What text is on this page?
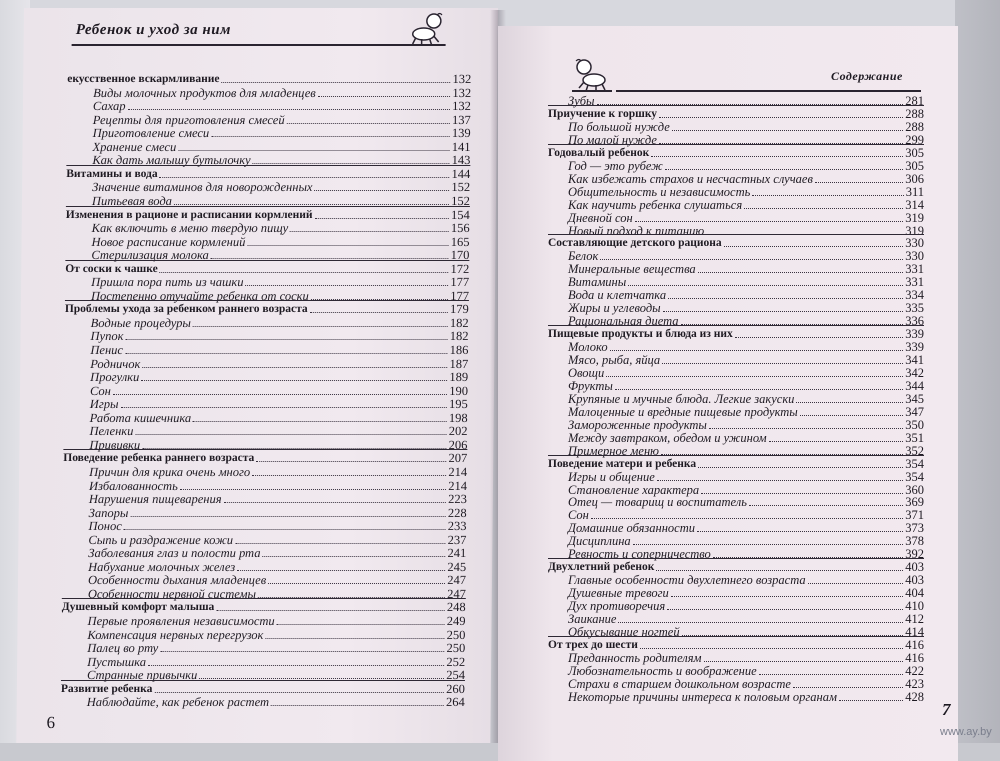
Ребенок и уход за ним
екусственное вскармливание	132
Виды молочных продуктов для младенцев	132
Сахар	132
Рецепты для приготовления смесей	137
Приготовление смеси	139
Хранение смеси	141
Как дать малышу бутылочку	143
Витамины и вода	144
Значение витаминов для новорожденных	152
Питьевая вода	152
Изменения в рационе и расписании кормлений	154
Как включить в меню твердую пищу	156
Новое расписание кормлений	165
Стерилизация молока	170
От соски к чашке	172
Пришла пора пить из чашки	177
Постепенно отучайте ребенка от соски	177
Проблемы ухода за ребенком раннего возраста	179
Водные процедуры	182
Пупок	182
Пенис	186
Родничок	187
Прогулки	189
Сон	190
Игры	195
Работа кишечника	198
Пеленки	202
Прививки	206
Поведение ребенка раннего возраста	207
Причин для крика очень много	214
Избалованность	214
Нарушения пищеварения	223
Запоры	228
Понос	233
Сыпь и раздражение кожи	237
Заболевания глаз и полости рта	241
Набухание молочных желез	245
Особенности дыхания младенцев	247
Особенности нервной системы	247
Душевный комфорт малыша	248
Первые проявления независимости	249
Компенсация нервных перегрузок	250
Палец во рту	250
Пустышка	252
Странные привычки	254
Развитие ребенка	260
Наблюдайте, как ребенок растет	264
6
Содержание
Зубы	281
Приучение к горшку	288
По большой нужде	288
По малой нужде	299
Годовалый ребенок	305
Год — это рубеж	305
Как избежать страхов и несчастных случаев	306
Общительность и независимость	311
Как научить ребенка слушаться	314
Дневной сон	319
Новый подход к питанию	319
Составляющие детского рациона	330
Белок	330
Минеральные вещества	331
Витамины	331
Вода и клетчатка	334
Жиры и углеводы	335
Рациональная диета	336
Пищевые продукты и блюда из них	339
Молоко	339
Мясо, рыба, яйца	341
Овощи	342
Фрукты	344
Крупяные и мучные блюда. Легкие закуски	345
Малоценные и вредные пищевые продукты	347
Замороженные продукты	350
Между завтраком, обедом и ужином	351
Примерное меню	352
Поведение матери и ребенка	354
Игры и общение	354
Становление характера	360
Отец — товарищ и воспитатель	369
Сон	371
Домашние обязанности	373
Дисциплина	378
Ревность и соперничество	392
Двухлетний ребенок	403
Главные особенности двухлетнего возраста	403
Душевные тревоги	404
Дух противоречия	410
Заикание	412
Обкусывание ногтей	414
От трех до шести	416
Преданность родителям	416
Любознательность и воображение	422
Страхи в старшем дошкольном возрасте	423
Некоторые причины интереса к половым органам	428
7
www.ay.by
